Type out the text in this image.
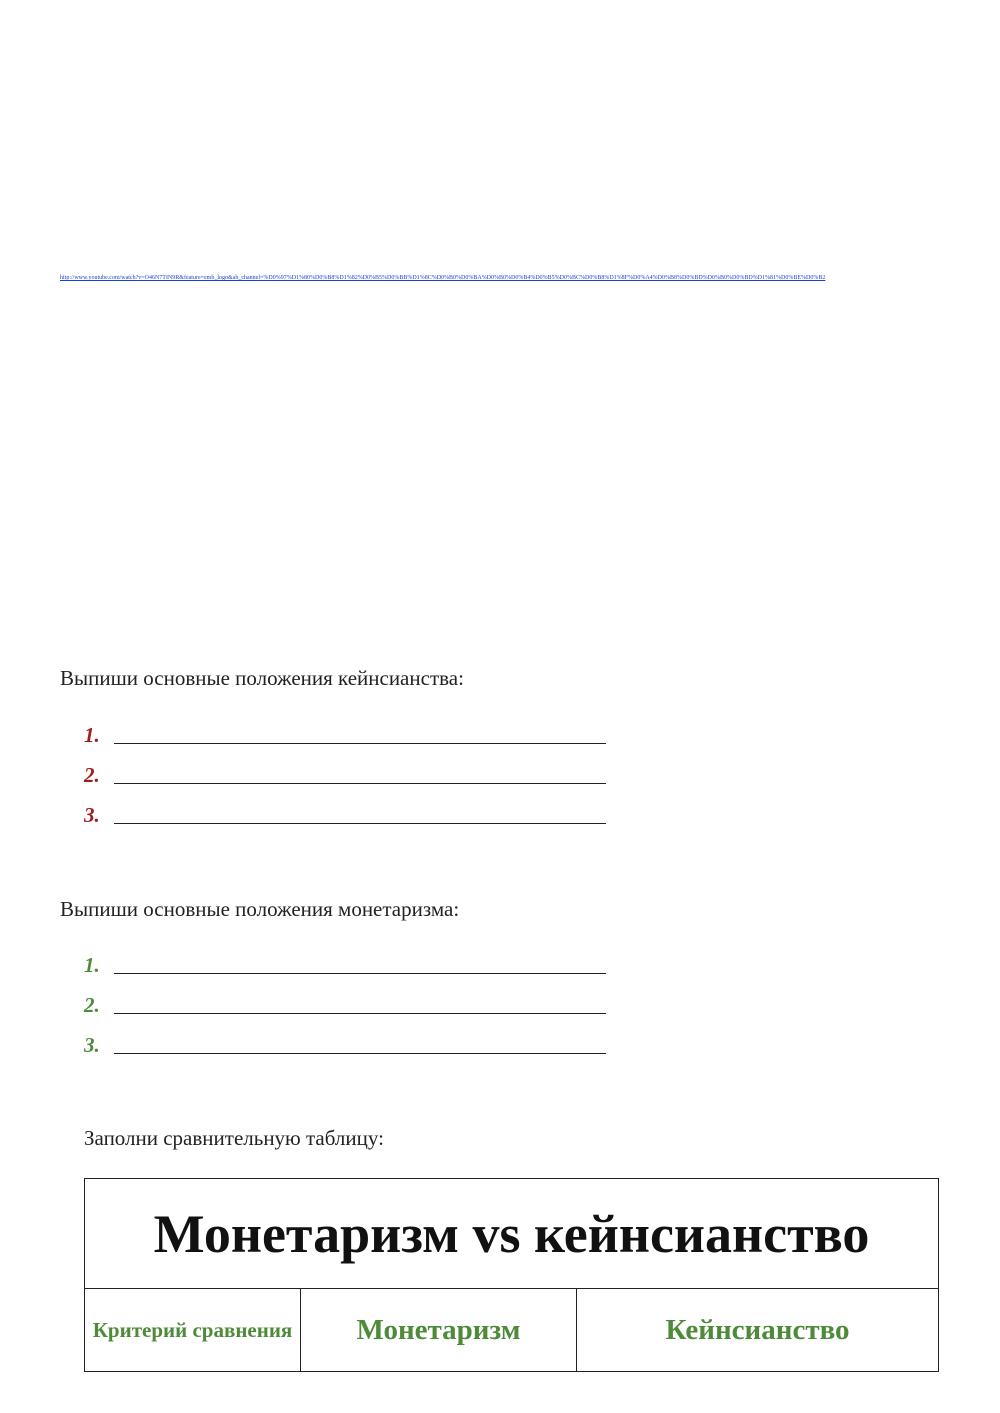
http://www.youtube.com/watch?v=O46N7TIN9R&feature=emb_logo&ab_channel=%D0%97%D1%80%D0%B8%D1%82%D0%B5%D0%BB%D1%8C%D0%B0%D0%BA%D0%B0%D0%B4%D0%B5%D0%BC%D0%B8%D1%8F%D0%A4%D0%B8%D0%BD%D0%B0%D0%BD%D1%81%D0%BE%D0%B2
Выпиши основные положения кейнсианства:
1.
2.
3.
Выпиши основные положения монетаризма:
1.
2.
3.
Заполни сравнительную таблицу:
Монетаризм vs кейнсианство
Критерий сравнения	Монетаризм	Кейнсианство
